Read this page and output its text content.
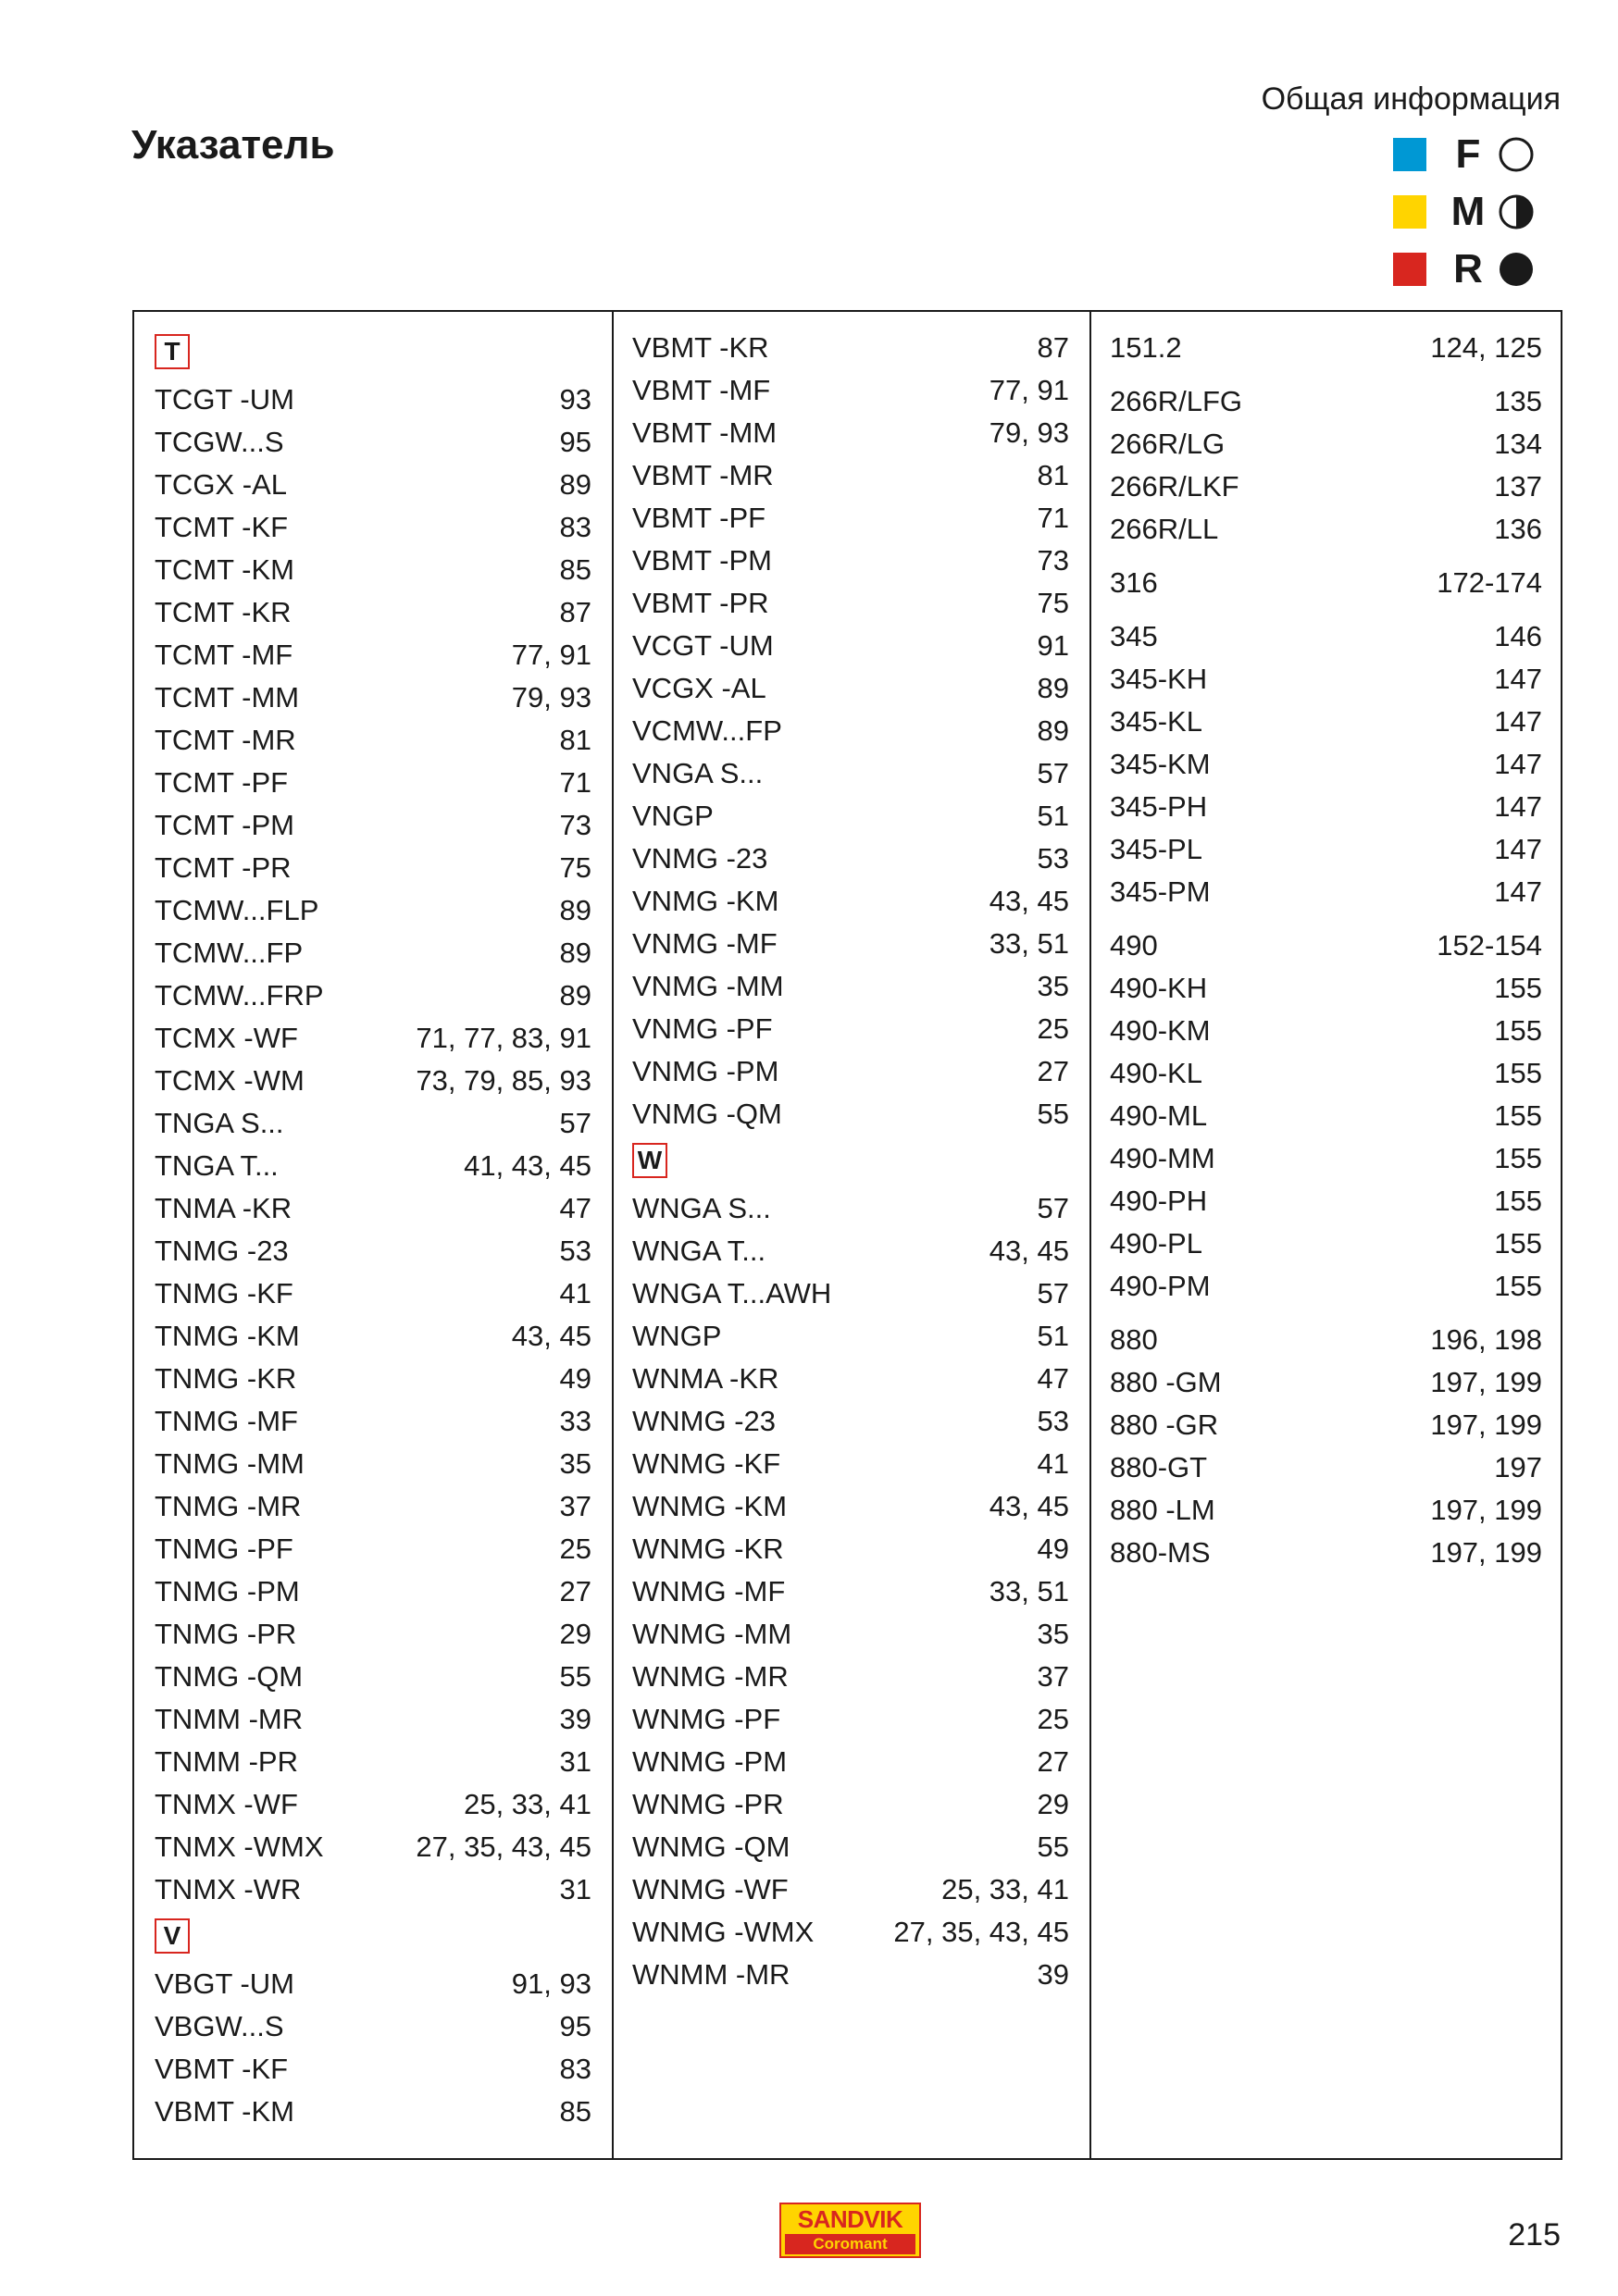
Указатель
Общая информация
F
M
R
T
TCGT -UM	93
TCGW...S	95
TCGX -AL	89
TCMT -KF	83
TCMT -KM	85
TCMT -KR	87
TCMT -MF	77, 91
TCMT -MM	79, 93
TCMT -MR	81
TCMT -PF	71
TCMT -PM	73
TCMT -PR	75
TCMW...FLP	89
TCMW...FP	89
TCMW...FRP	89
TCMX -WF	71, 77, 83, 91
TCMX -WM	73, 79, 85, 93
TNGA S...	57
TNGA T...	41, 43, 45
TNMA -KR	47
TNMG -23	53
TNMG -KF	41
TNMG -KM	43, 45
TNMG -KR	49
TNMG -MF	33
TNMG -MM	35
TNMG -MR	37
TNMG -PF	25
TNMG -PM	27
TNMG -PR	29
TNMG -QM	55
TNMM -MR	39
TNMM -PR	31
TNMX -WF	25, 33, 41
TNMX -WMX	27, 35, 43, 45
TNMX -WR	31
V
VBGT -UM	91, 93
VBGW...S	95
VBMT -KF	83
VBMT -KM	85
VBMT -KR	87
VBMT -MF	77, 91
VBMT -MM	79, 93
VBMT -MR	81
VBMT -PF	71
VBMT -PM	73
VBMT -PR	75
VCGT -UM	91
VCGX -AL	89
VCMW...FP	89
VNGA S...	57
VNGP	51
VNMG -23	53
VNMG -KM	43, 45
VNMG -MF	33, 51
VNMG -MM	35
VNMG -PF	25
VNMG -PM	27
VNMG -QM	55
W
WNGA S...	57
WNGA T...	43, 45
WNGA T...AWH	57
WNGP	51
WNMA -KR	47
WNMG -23	53
WNMG -KF	41
WNMG -KM	43, 45
WNMG -KR	49
WNMG -MF	33, 51
WNMG -MM	35
WNMG -MR	37
WNMG -PF	25
WNMG -PM	27
WNMG -PR	29
WNMG -QM	55
WNMG -WF	25, 33, 41
WNMG -WMX	27, 35, 43, 45
WNMM -MR	39
151.2	124, 125
266R/LFG	135
266R/LG	134
266R/LKF	137
266R/LL	136
316	172-174
345	146
345-KH	147
345-KL	147
345-KM	147
345-PH	147
345-PL	147
345-PM	147
490	152-154
490-KH	155
490-KM	155
490-KL	155
490-ML	155
490-MM	155
490-PH	155
490-PL	155
490-PM	155
880	196, 198
880 -GM	197, 199
880 -GR	197, 199
880-GT	197
880 -LM	197, 199
880-MS	197, 199
SANDVIK
Coromant	215
